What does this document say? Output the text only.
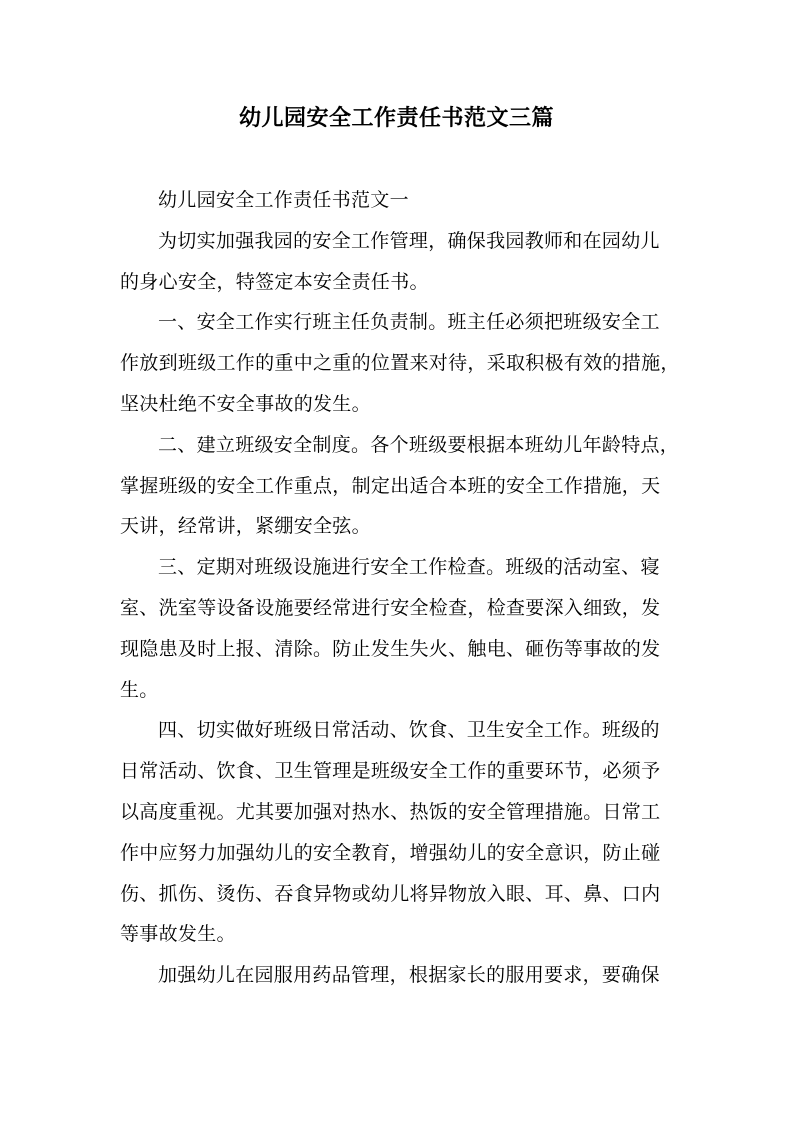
幼儿园安全工作责任书范文三篇

幼儿园安全工作责任书范文一

为切实加强我园的安全工作管理，确保我园教师和在园幼儿
的身心安全，特签定本安全责任书。

一、安全工作实行班主任负责制。班主任必须把班级安全工
作放到班级工作的重中之重的位置来对待，采取积极有效的措施，
坚决杜绝不安全事故的发生。

二、建立班级安全制度。各个班级要根据本班幼儿年龄特点，
掌握班级的安全工作重点，制定出适合本班的安全工作措施，天
天讲，经常讲，紧绷安全弦。

三、定期对班级设施进行安全工作检查。班级的活动室、寝
室、洗室等设备设施要经常进行安全检查，检查要深入细致，发
现隐患及时上报、清除。防止发生失火、触电、砸伤等事故的发
生。

四、切实做好班级日常活动、饮食、卫生安全工作。班级的
日常活动、饮食、卫生管理是班级安全工作的重要环节，必须予
以高度重视。尤其要加强对热水、热饭的安全管理措施。日常工
作中应努力加强幼儿的安全教育，增强幼儿的安全意识，防止碰
伤、抓伤、烫伤、吞食异物或幼儿将异物放入眼、耳、鼻、口内
等事故发生。

加强幼儿在园服用药品管理，根据家长的服用要求，要确保
